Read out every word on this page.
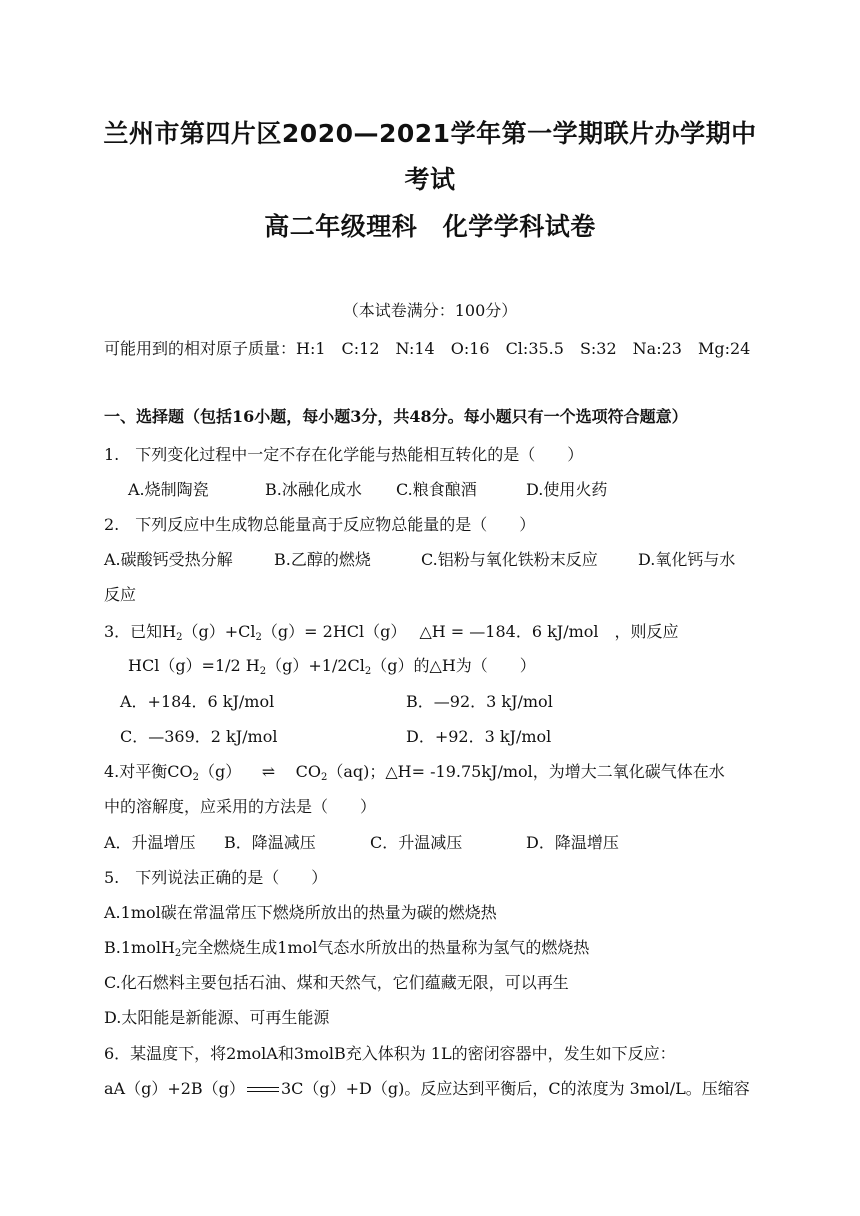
兰州市第四片区2020—2021学年第一学期联片办学期中
考试
高二年级理科　化学学科试卷
（本试卷满分：100分）
可能用到的相对原子质量：H:1　C:12　N:14　O:16　Cl:35.5　S:32　Na:23　Mg:24
一、选择题（包括16小题，每小题3分，共48分。每小题只有一个选项符合题意）
1.　下列变化过程中一定不存在化学能与热能相互转化的是（　　）
A.烧制陶瓷	B.冰融化成水 C.粮食酿酒	D.使用火药
2.　下列反应中生成物总能量高于反应物总能量的是（　　）
A.碳酸钙受热分解	B.乙醇的燃烧	C.铝粉与氧化铁粉末反应	D.氧化钙与水
反应
3．已知$H_2(g)+Cl_2(g)= 2HCl(g)$　 △H = —184．6 kJ/mol　，则反应
HCl（g）=1/2 $H_2(g)+1/2Cl_2(g)$的△H为（　　）
A．+184．6 kJ/mol	B．—92．3 kJ/mol
C．—369．2 kJ/mol	D．+92．3 kJ/mol
4.对平衡$CO_2(g)$ ⇌ $CO_2(aq)$；△H= -19.75kJ/mol，为增大二氧化碳气体在水
中的溶解度，应采用的方法是（　　）
A．升温增压 B．降温减压	C．升温减压	D．降温增压
5.　下列说法正确的是（　　）
A.1mol碳在常温常压下燃烧所放出的热量为碳的燃烧热
B.1molH$_2$完全燃烧生成1mol气态水所放出的热量称为氢气的燃烧热
C.化石燃料主要包括石油、煤和天然气，它们蕴藏无限，可以再生
D.太阳能是新能源、可再生能源
6．某温度下，将2molA和3molB充入体积为 1L的密闭容器中，发生如下反应：
aA（g）+2B（g） 3C（g）+D（g)。反应达到平衡后，C的浓度为 3mol/L。压缩容
